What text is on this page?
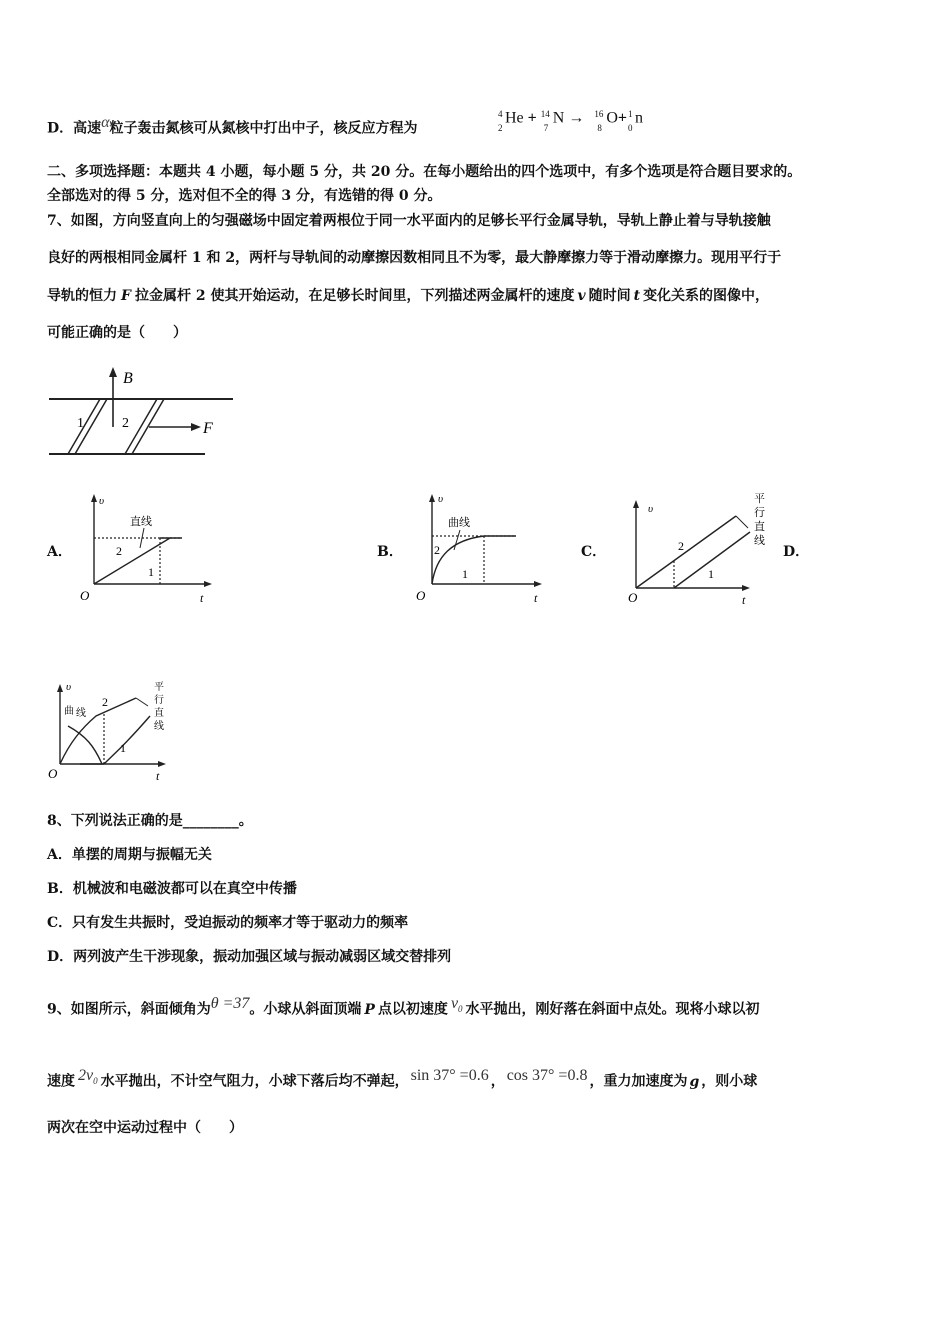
D．高速α粒子轰击氮核可从氮核中打出中子，核反应方程为
4
2
He + 14
7
N → 16
8
O+ 1
0
n
二、多项选择题：本题共 4 小题，每小题 5 分，共 20 分。在每小题给出的四个选项中，有多个选项是符合题目要求的。
全部选对的得 5 分，选对但不全的得 3 分，有选错的得 0 分。
7、如图，方向竖直向上的匀强磁场中固定着两根位于同一水平面内的足够长平行金属导轨，导轨上静止着与导轨接触
良好的两根相同金属杆 1 和 2，两杆与导轨间的动摩擦因数相同且不为零，最大静摩擦力等于滑动摩擦力。现用平行于
导轨的恒力 F 拉金属杆 2 使其开始运动，在足够长时间里，下列描述两金属杆的速度 v 随时间 t 变化关系的图像中，
可能正确的是（　　）
B
F
1	2
A．
υ
O	t
直线
2
1
B．
υ
O	t
曲线
2
1
C．
υ
O	t
2
1
平
行
直
线
D．
υ
O	t
曲 线
2
1
平
行
直
线
8、下列说法正确的是________。
A．单摆的周期与振幅无关
B．机械波和电磁波都可以在真空中传播
C．只有发生共振时，受迫振动的频率才等于驱动力的频率
D．两列波产生干涉现象，振动加强区域与振动减弱区域交替排列
9、如图所示，斜面倾角为θ =37。小球从斜面顶端 P 点以初速度 $v_0$ 水平抛出，刚好落在斜面中点处。现将小球以初
速度 $2v_0$ 水平抛出，不计空气阻力，小球下落后均不弹起， sin 37° =0.6 ， cos 37° =0.8 ，重力加速度为 g ，则小球
两次在空中运动过程中（　　）
